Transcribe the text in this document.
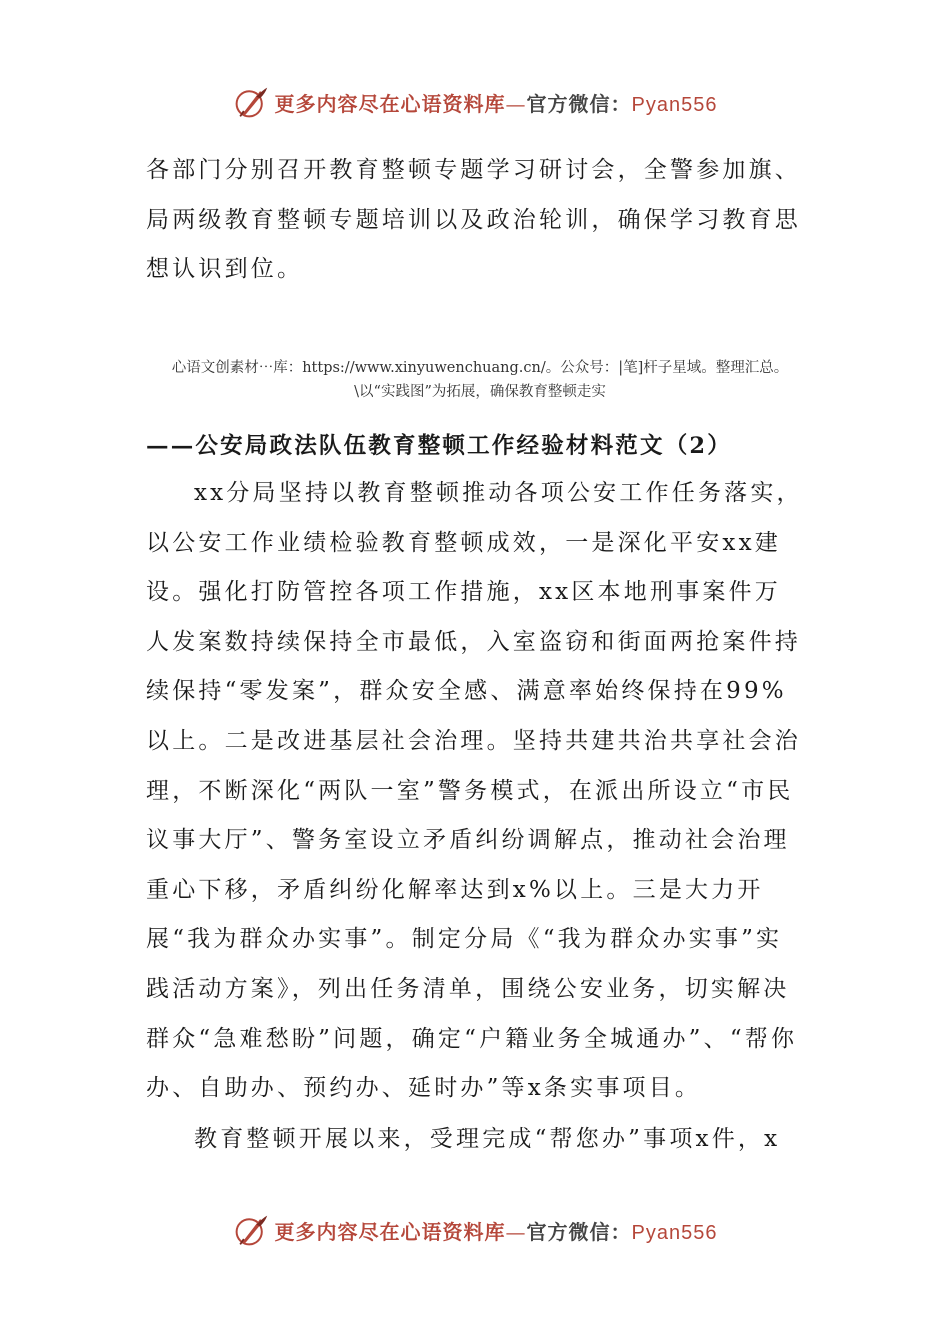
更多内容尽在心语资料库—官方微信：Pyan556

各部门分别召开教育整顿专题学习研讨会，全警参加旗、局两级教育整顿专题培训以及政治轮训，确保学习教育思想认识到位。

心语文创素材⋯库：https://www.xinyuwenchuang.cn/。公众号：|笔]杆子星域。整理汇总。
\以“实践图”为拓展，确保教育整顿走实
——公安局政法队伍教育整顿工作经验材料范文（2）

xx分局坚持以教育整顿推动各项公安工作任务落实，以公安工作业绩检验教育整顿成效，一是深化平安xx建设。强化打防管控各项工作措施，xx区本地刑事案件万人发案数持续保持全市最低，入室盗窃和街面两抢案件持续保持“零发案”，群众安全感、满意率始终保持在99%以上。二是改进基层社会治理。坚持共建共治共享社会治理，不断深化“两队一室”警务模式，在派出所设立“市民议事大厅”、警务室设立矛盾纠纷调解点，推动社会治理重心下移，矛盾纠纷化解率达到x%以上。三是大力开展“我为群众办实事”。制定分局《“我为群众办实事”实践活动方案》，列出任务清单，围绕公安业务，切实解决群众“急难愁盼”问题，确定“户籍业务全城通办”、“帮你办、自助办、预约办、延时办”等x条实事项目。

教育整顿开展以来，受理完成“帮您办”事项x件，x

更多内容尽在心语资料库—官方微信：Pyan556
